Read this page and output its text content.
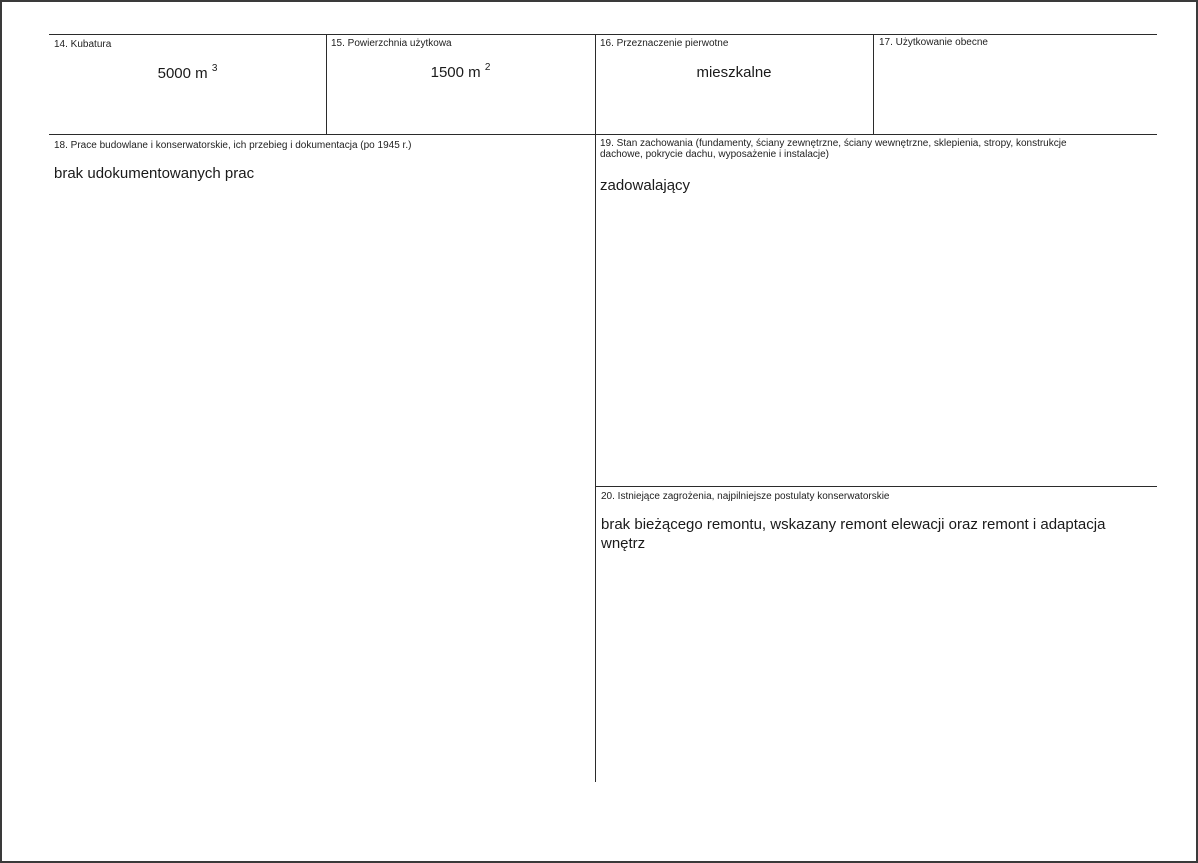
14. Kubatura
5000 m $^3$
15. Powierzchnia użytkowa
1500 m $^2$
16. Przeznaczenie pierwotne
mieszkalne
17. Użytkowanie obecne
18. Prace budowlane i konserwatorskie, ich przebieg i dokumentacja (po 1945 r.)
brak udokumentowanych prac
19. Stan zachowania (fundamenty, ściany zewnętrzne, ściany wewnętrzne, sklepienia, stropy, konstrukcje dachowe, pokrycie dachu, wyposażenie i instalacje)
zadowalający
20. Istniejące zagrożenia, najpilniejsze postulaty konserwatorskie
brak bieżącego remontu, wskazany remont elewacji oraz remont i adaptacja wnętrz
